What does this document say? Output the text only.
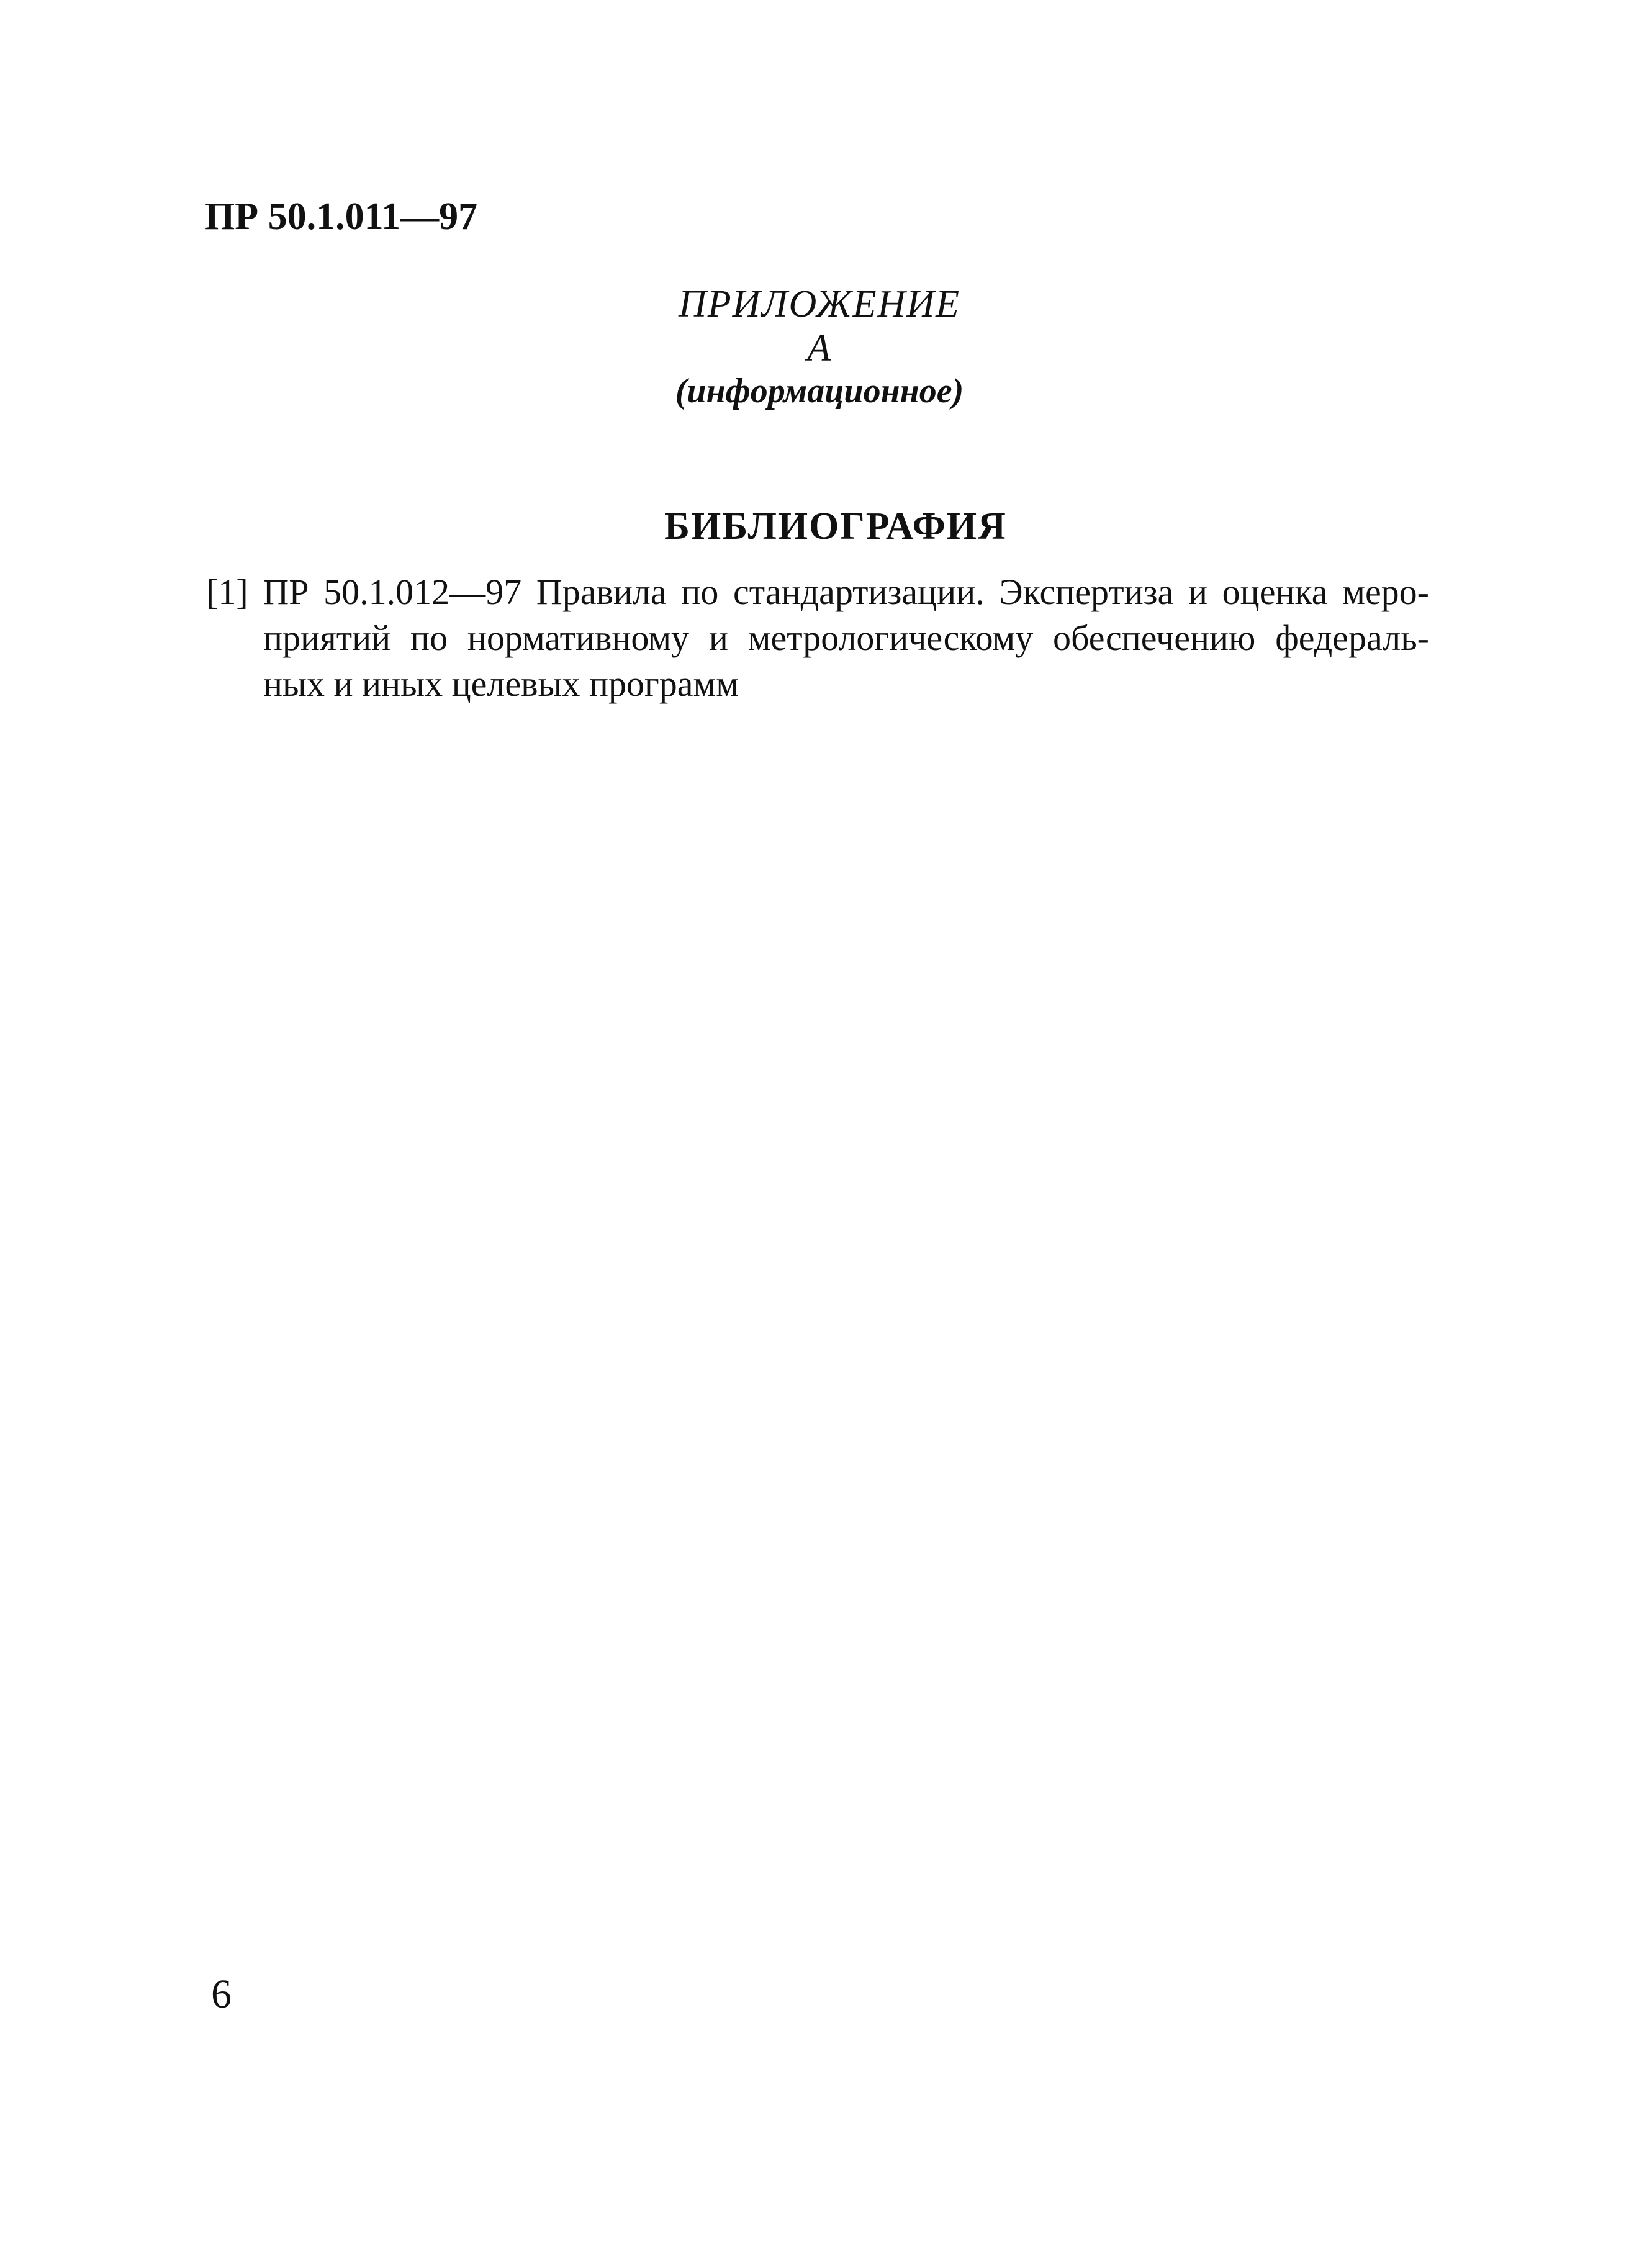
ПР 50.1.011—97
ПРИЛОЖЕНИЕ А
(информационное)
БИБЛИОГРАФИЯ
[1] ПР 50.1.012—97 Правила по стандартизации. Экспертиза и оценка меро-
приятий по нормативному и метрологическому обеспечению федераль-
ных и иных целевых программ
6
